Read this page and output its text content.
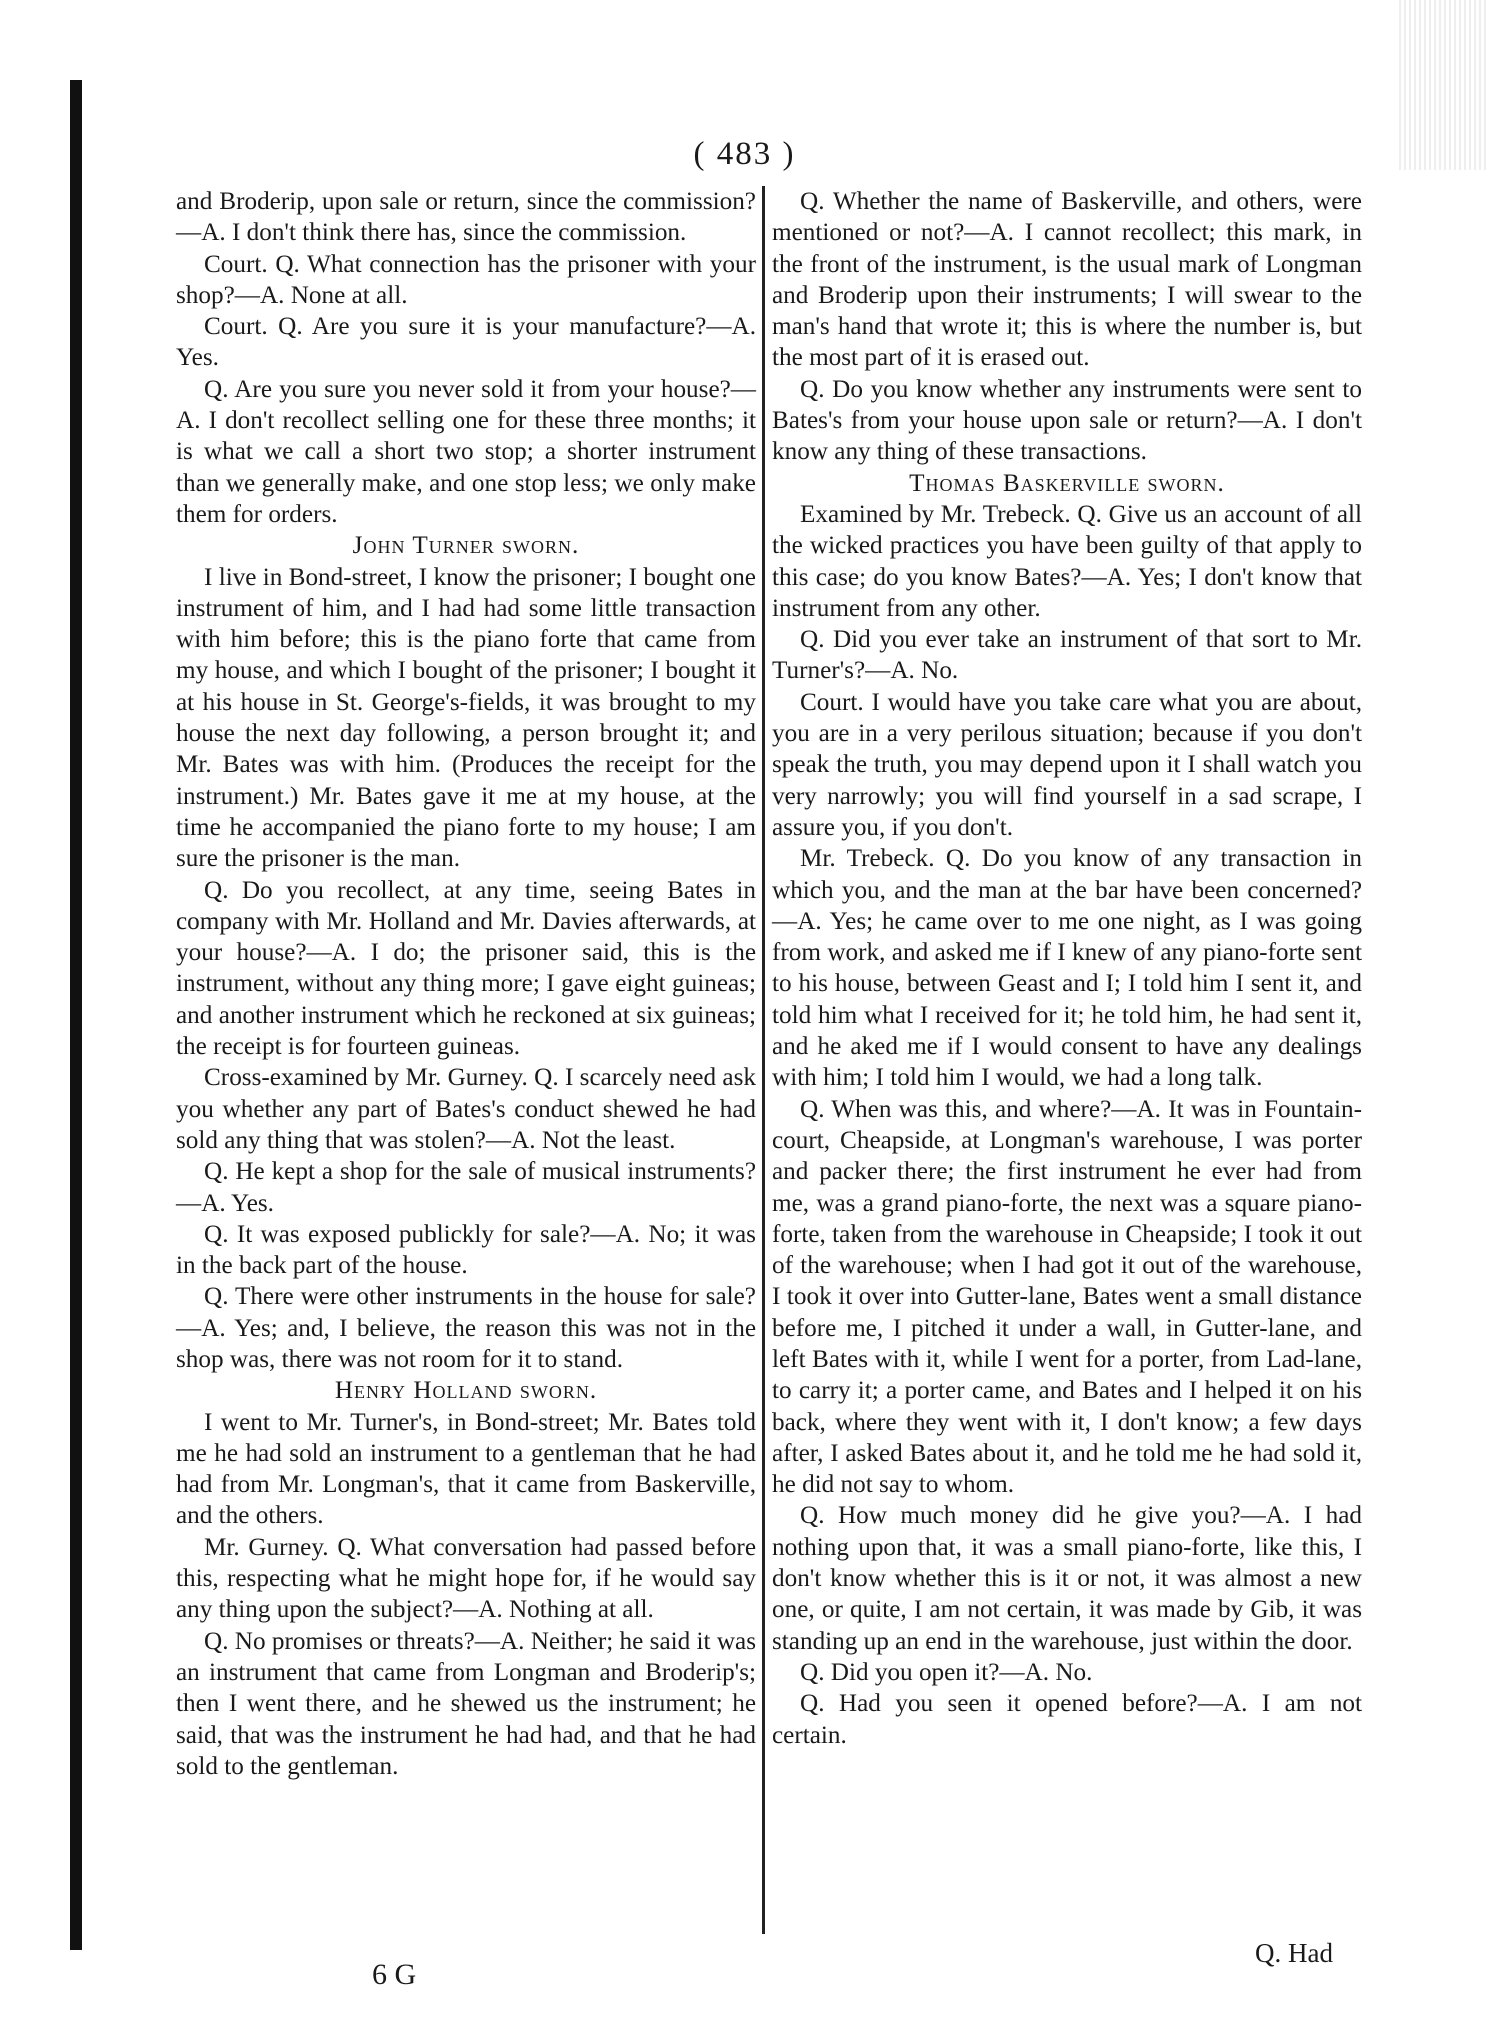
( 483 )

and Broderip, upon sale or return, since the commission?—A. I don't think there has, since the commission.

Court. Q. What connection has the prisoner with your shop?—A. None at all.

Court. Q. Are you sure it is your manufacture?—A. Yes.

Q. Are you sure you never sold it from your house?—A. I don't recollect selling one for these three months; it is what we call a short two stop; a shorter instrument than we generally make, and one stop less; we only make them for orders.

John Turner sworn.

I live in Bond-street, I know the prisoner; I bought one instrument of him, and I had had some little transaction with him before; this is the piano forte that came from my house, and which I bought of the prisoner; I bought it at his house in St. George's-fields, it was brought to my house the next day following, a person brought it; and Mr. Bates was with him. (Produces the receipt for the instrument.) Mr. Bates gave it me at my house, at the time he accompanied the piano forte to my house; I am sure the prisoner is the man.

Q. Do you recollect, at any time, seeing Bates in company with Mr. Holland and Mr. Davies afterwards, at your house?—A. I do; the prisoner said, this is the instrument, without any thing more; I gave eight guineas; and another instrument which he reckoned at six guineas; the receipt is for fourteen guineas.

Cross-examined by Mr. Gurney. Q. I scarcely need ask you whether any part of Bates's conduct shewed he had sold any thing that was stolen?—A. Not the least.

Q. He kept a shop for the sale of musical instruments?—A. Yes.

Q. It was exposed publickly for sale?—A. No; it was in the back part of the house.

Q. There were other instruments in the house for sale?—A. Yes; and, I believe, the reason this was not in the shop was, there was not room for it to stand.

Henry Holland sworn.

I went to Mr. Turner's, in Bond-street; Mr. Bates told me he had sold an instrument to a gentleman that he had had from Mr. Longman's, that it came from Baskerville, and the others.

Mr. Gurney. Q. What conversation had passed before this, respecting what he might hope for, if he would say any thing upon the subject?—A. Nothing at all.

Q. No promises or threats?—A. Neither; he said it was an instrument that came from Longman and Broderip's; then I went there, and he shewed us the instrument; he said, that was the instrument he had had, and that he had sold to the gentleman.

Q. Whether the name of Baskerville, and others, were mentioned or not?—A. I cannot recollect; this mark, in the front of the instrument, is the usual mark of Longman and Broderip upon their instruments; I will swear to the man's hand that wrote it; this is where the number is, but the most part of it is erased out.

Q. Do you know whether any instruments were sent to Bates's from your house upon sale or return?—A. I don't know any thing of these transactions.

Thomas Baskerville sworn.

Examined by Mr. Trebeck. Q. Give us an account of all the wicked practices you have been guilty of that apply to this case; do you know Bates?—A. Yes; I don't know that instrument from any other.

Q. Did you ever take an instrument of that sort to Mr. Turner's?—A. No.

Court. I would have you take care what you are about, you are in a very perilous situation; because if you don't speak the truth, you may depend upon it I shall watch you very narrowly; you will find yourself in a sad scrape, I assure you, if you don't.

Mr. Trebeck. Q. Do you know of any transaction in which you, and the man at the bar have been concerned?—A. Yes; he came over to me one night, as I was going from work, and asked me if I knew of any piano-forte sent to his house, between Geast and I; I told him I sent it, and told him what I received for it; he told him, he had sent it, and he aked me if I would consent to have any dealings with him; I told him I would, we had a long talk.

Q. When was this, and where?—A. It was in Fountain-court, Cheapside, at Longman's warehouse, I was porter and packer there; the first instrument he ever had from me, was a grand piano-forte, the next was a square piano-forte, taken from the warehouse in Cheapside; I took it out of the warehouse; when I had got it out of the warehouse, I took it over into Gutter-lane, Bates went a small distance before me, I pitched it under a wall, in Gutter-lane, and left Bates with it, while I went for a porter, from Lad-lane, to carry it; a porter came, and Bates and I helped it on his back, where they went with it, I don't know; a few days after, I asked Bates about it, and he told me he had sold it, he did not say to whom.

Q. How much money did he give you?—A. I had nothing upon that, it was a small piano-forte, like this, I don't know whether this is it or not, it was almost a new one, or quite, I am not certain, it was made by Gib, it was standing up an end in the warehouse, just within the door.

Q. Did you open it?—A. No.

Q. Had you seen it opened before?—A. I am not certain.

6 G
Q. Had
